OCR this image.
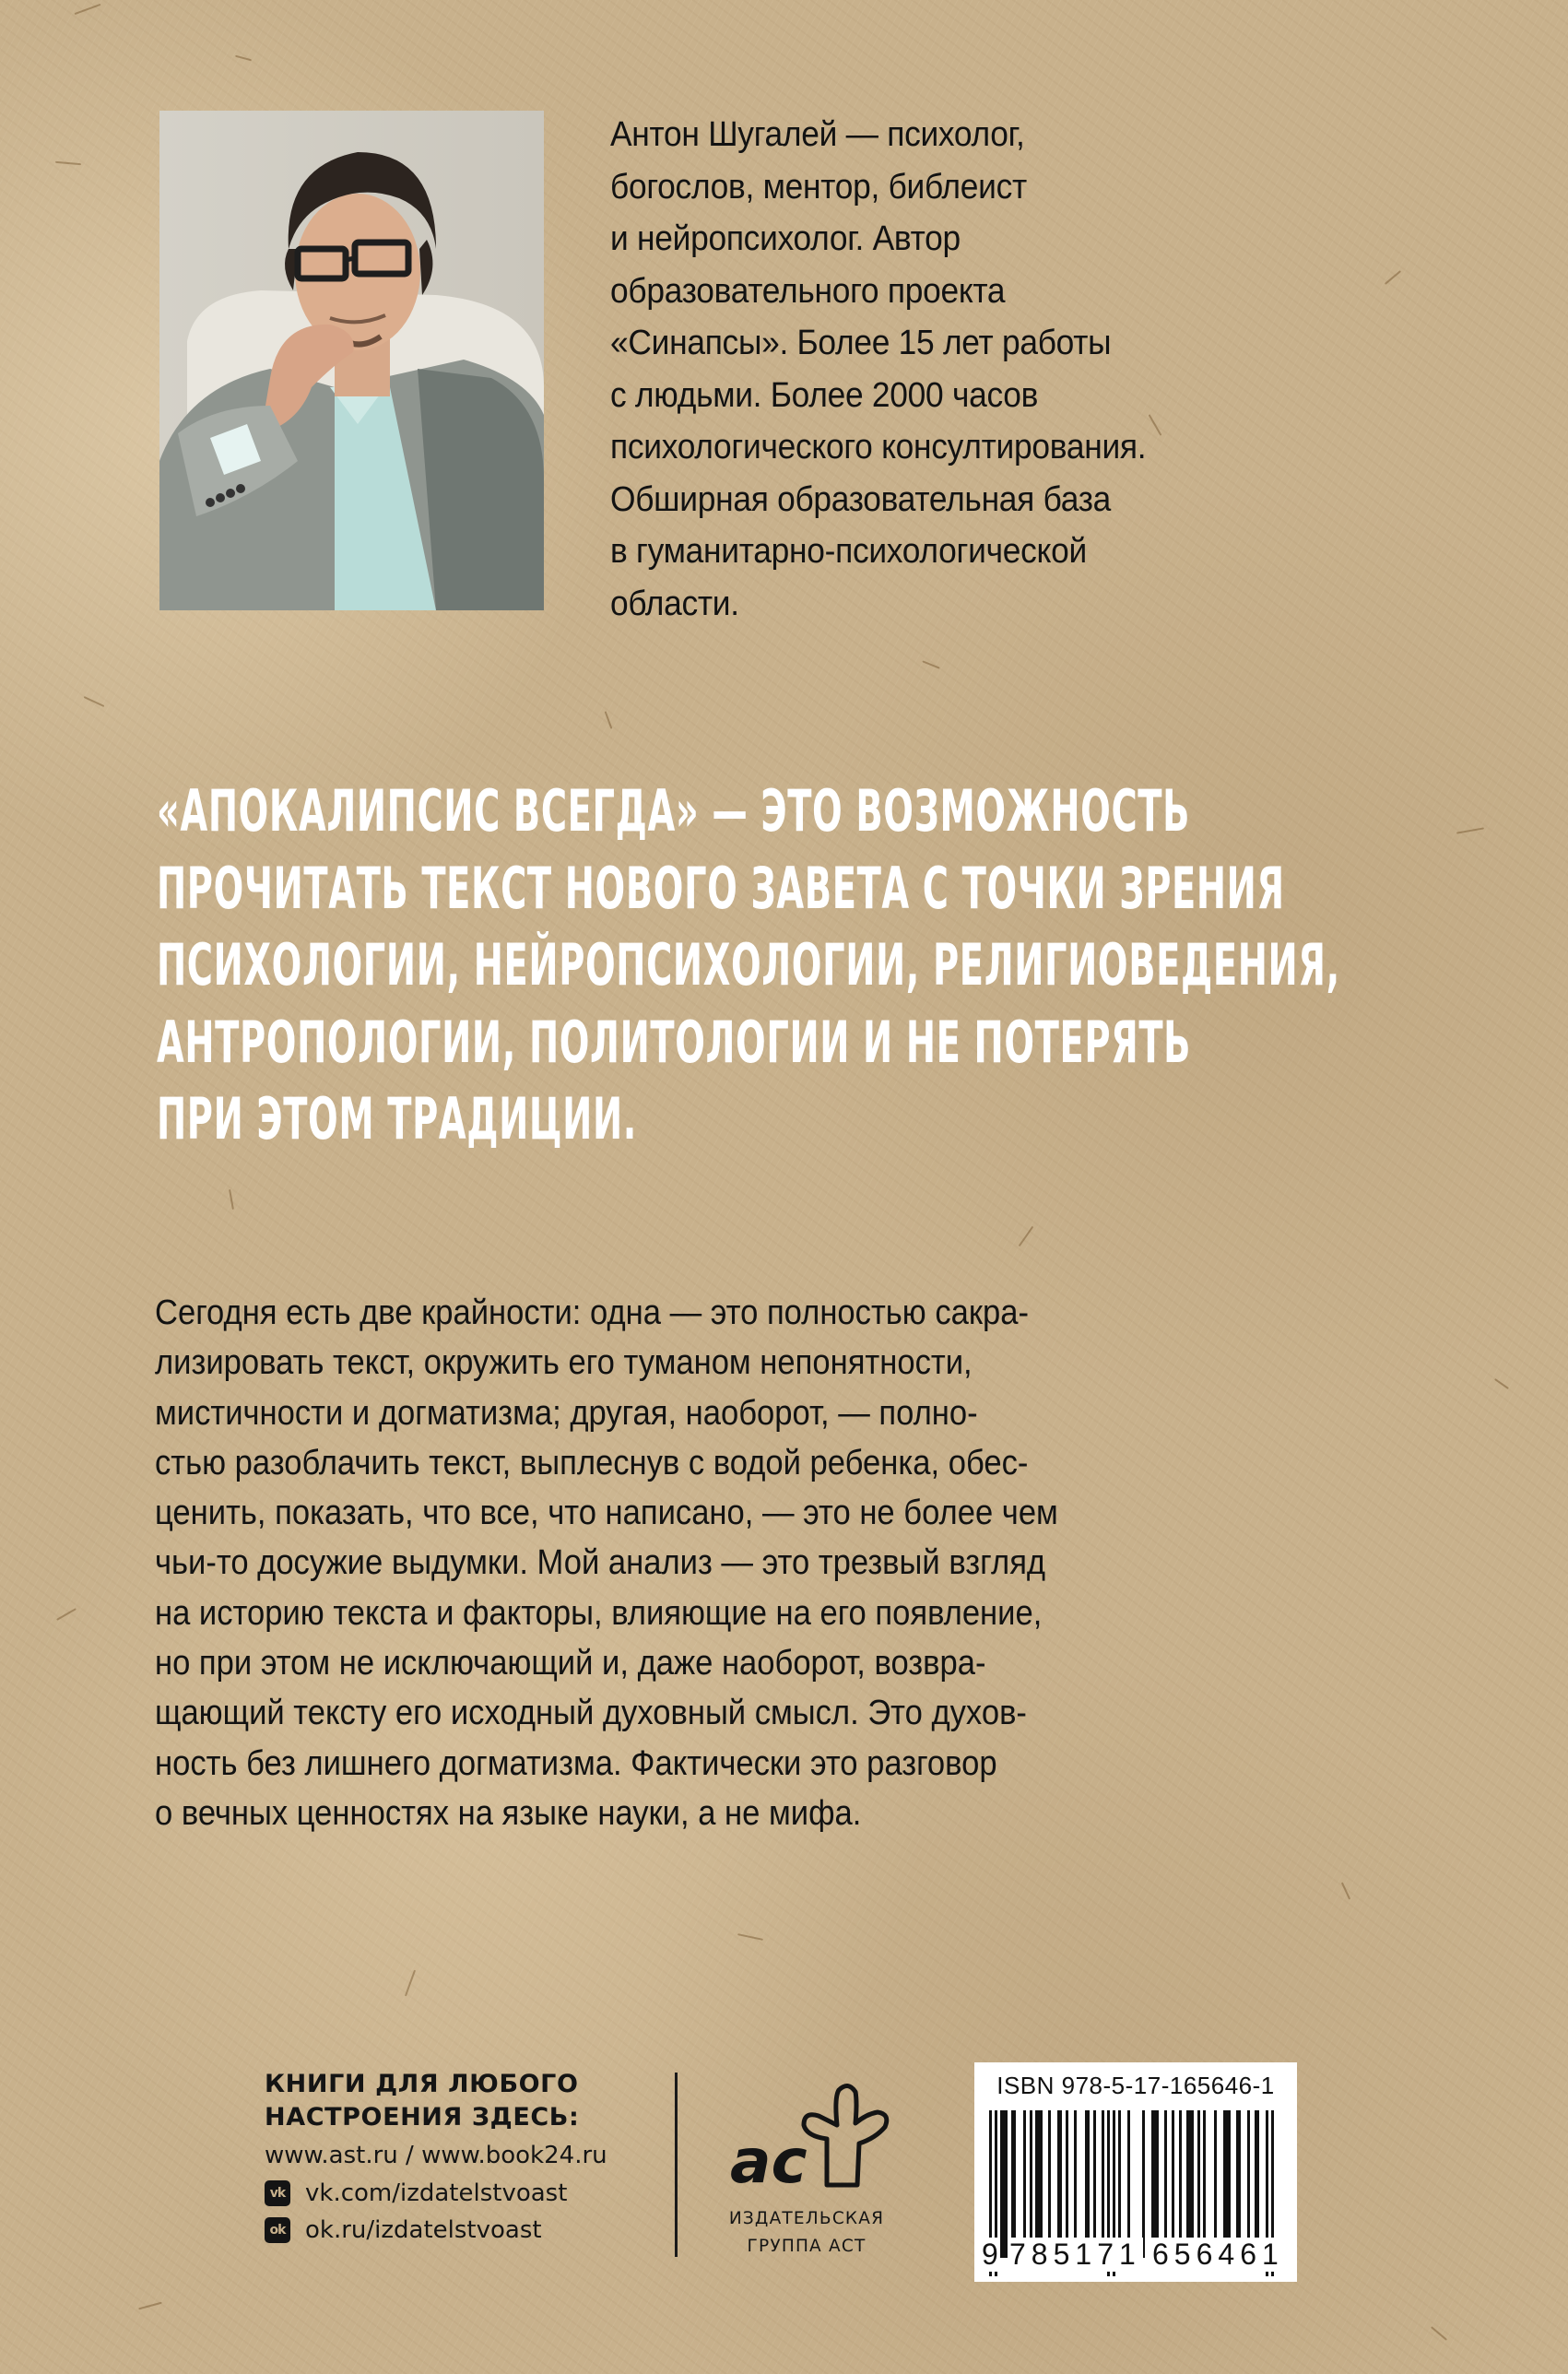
Антон Шугалей — психолог,
богослов, ментор, библеист
и нейропсихолог. Автор
образовательного проекта
«Синапсы». Более 15 лет работы
с людьми. Более 2000 часов
психологического консултирования.
Обширная образовательная база
в гуманитарно-психологической
области.
«АПОКАЛИПСИС ВСЕГДА» — ЭТО ВОЗМОЖНОСТЬ
ПРОЧИТАТЬ ТЕКСТ НОВОГО ЗАВЕТА С ТОЧКИ ЗРЕНИЯ
ПСИХОЛОГИИ, НЕЙРОПСИХОЛОГИИ, РЕЛИГИОВЕДЕНИЯ,
АНТРОПОЛОГИИ, ПОЛИТОЛОГИИ И НЕ ПОТЕРЯТЬ
ПРИ ЭТОМ ТРАДИЦИИ.
Сегодня есть две крайности: одна — это полностью сакра-
лизировать текст, окружить его туманом непонятности,
мистичности и догматизма; другая, наоборот, — полно-
стью разоблачить текст, выплеснув с водой ребенка, обес-
ценить, показать, что все, что написано, — это не более чем
чьи-то досужие выдумки. Мой анализ — это трезвый взгляд
на историю текста и факторы, влияющие на его появление,
но при этом не исключающий и, даже наоборот, возвра-
щающий тексту его исходный духовный смысл. Это духов-
ность без лишнего догматизма. Фактически это разговор
о вечных ценностях на языке науки, а не мифа.
КНИГИ ДЛЯ ЛЮБОГО
НАСТРОЕНИЯ ЗДЕСЬ:
www.ast.ru / www.book24.ru
vk vk.com/izdatelstvoast
ok ok.ru/izdatelstvoast
ac
ИЗДАТЕЛЬСКАЯ
ГРУППА АСТ
ISBN 978-5-17-165646-1
9 785171 656461
